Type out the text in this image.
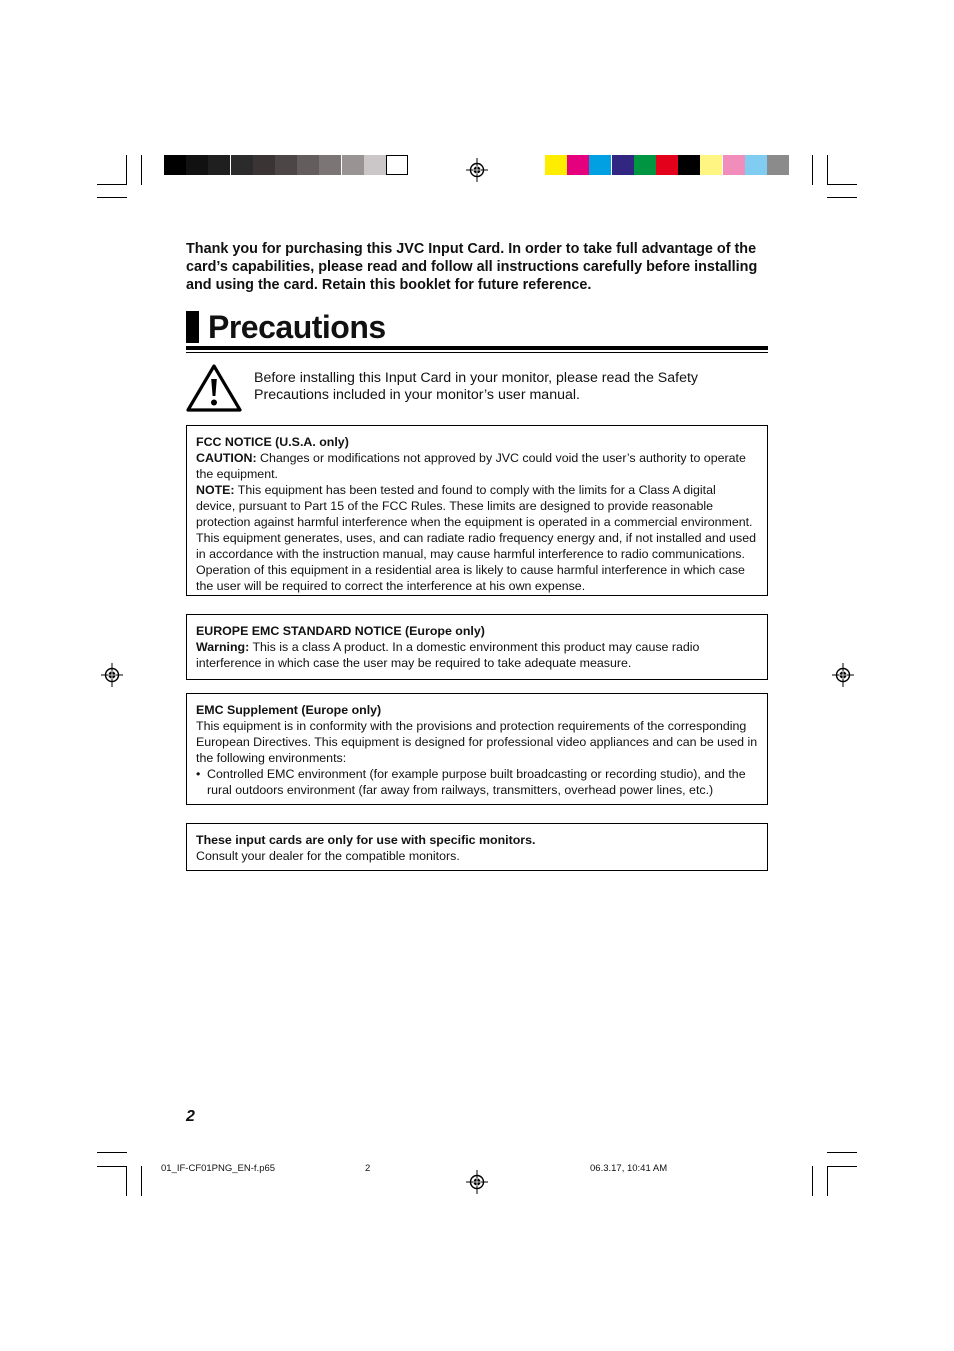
Thank you for purchasing this JVC Input Card. In order to take full advantage of the card’s capabilities, please read and follow all instructions carefully before installing and using the card. Retain this booklet for future reference.
Precautions
Before installing this Input Card in your monitor, please read the Safety Precautions included in your monitor’s user manual.

FCC NOTICE (U.S.A. only)

CAUTION: Changes or modifications not approved by JVC could void the user’s authority to operate the equipment.

NOTE: This equipment has been tested and found to comply with the limits for a Class A digital device, pursuant to Part 15 of the FCC Rules. These limits are designed to provide reasonable protection against harmful interference when the equipment is operated in a commercial environment. This equipment generates, uses, and can radiate radio frequency energy and, if not installed and used in accordance with the instruction manual, may cause harmful interference to radio communications. Operation of this equipment in a residential area is likely to cause harmful interference in which case the user will be required to correct the interference at his own expense.

EUROPE EMC STANDARD NOTICE (Europe only)

Warning: This is a class A product. In a domestic environment this product may cause radio interference in which case the user may be required to take adequate measure.

EMC Supplement (Europe only)

This equipment is in conformity with the provisions and protection requirements of the corresponding European Directives. This equipment is designed for professional video appliances and can be used in the following environments:

• Controlled EMC environment (for example purpose built broadcasting or recording studio), and the rural outdoors environment (far away from railways, transmitters, overhead power lines, etc.)

These input cards are only for use with specific monitors.

Consult your dealer for the compatible monitors.

2
01_IF-CF01PNG_EN-f.p65	2	06.3.17, 10:41 AM
